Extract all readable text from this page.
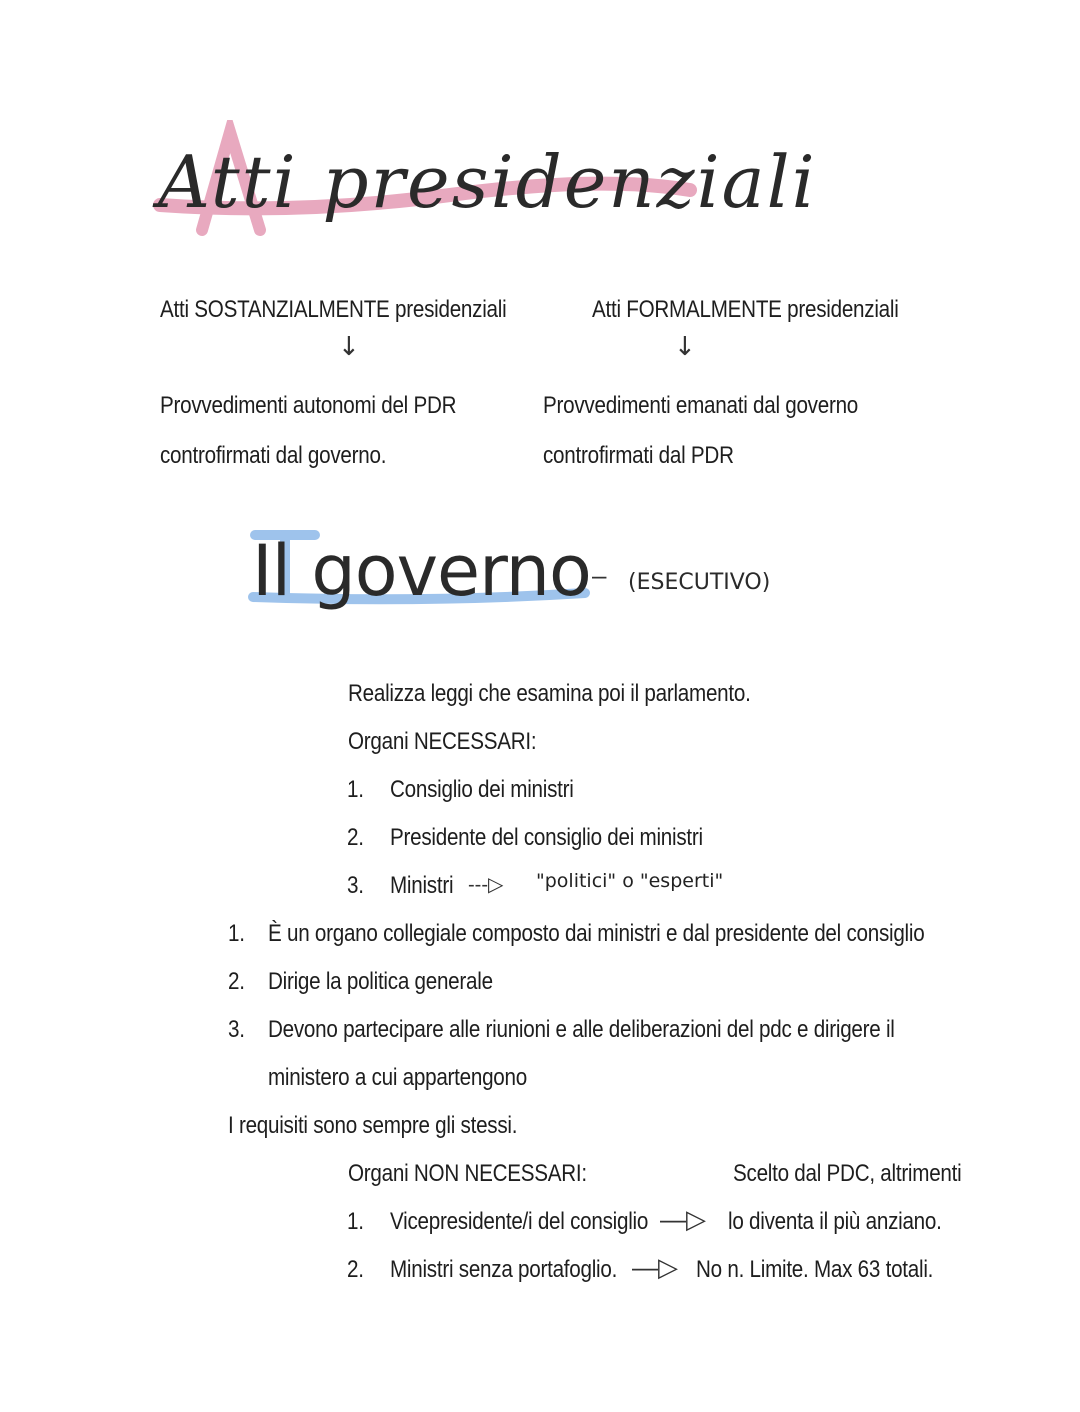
Atti presidenziali
Atti SOSTANZIALMENTE presidenziali
↓
Provvedimenti autonomi del PDR
controfirmati dal governo.
Atti FORMALMENTE presidenziali
↓
Provvedimenti emanati dal governo
controfirmati dal PDR
Il governo – (ESECUTIVO)
Realizza leggi che esamina poi il parlamento.
Organi NECESSARI:
1. Consiglio dei ministri
2. Presidente del consiglio dei ministri
3. Ministri ---▷ "politici" o "esperti"
1. È un organo collegiale composto dai ministri e dal presidente del consiglio
2. Dirige la politica generale
3. Devono partecipare alle riunioni e alle deliberazioni del pdc e dirigere il
ministero a cui appartengono
I requisiti sono sempre gli stessi.
Organi NON NECESSARI:	Scelto dal PDC, altrimenti
1. Vicepresidente/i del consiglio —▷ lo diventa il più anziano.
2. Ministri senza portafoglio. —▷ No n. Limite. Max 63 totali.
